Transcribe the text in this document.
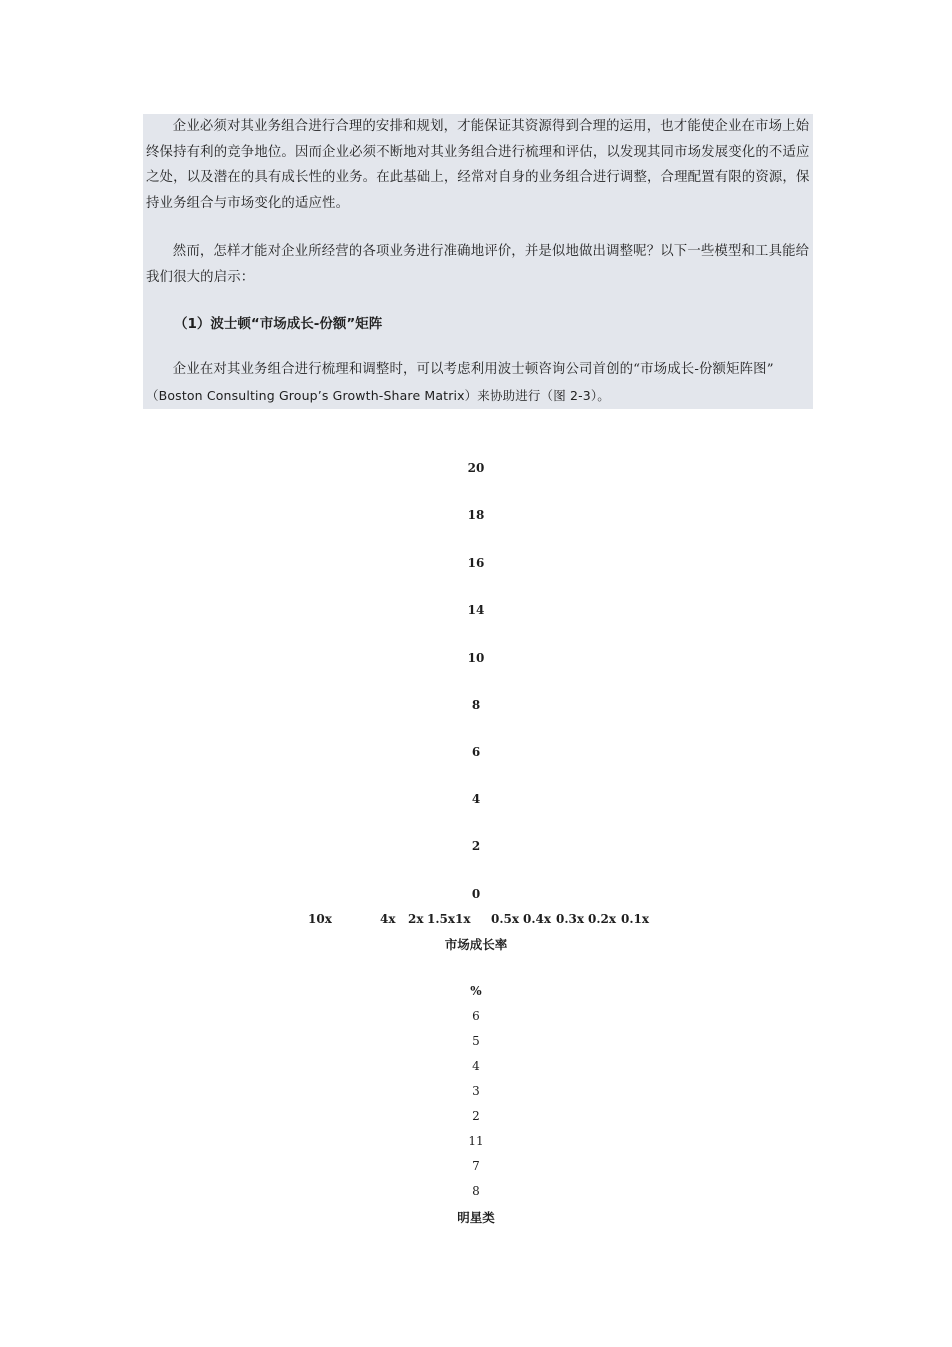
企业必须对其业务组合进行合理的安排和规划，才能保证其资源得到合理的运用，也才能使企业在市场上始终保持有利的竞争地位。因而企业必须不断地对其业务组合进行梳理和评估，以发现其同市场发展变化的不适应之处，以及潜在的具有成长性的业务。在此基础上，经常对自身的业务组合进行调整，合理配置有限的资源，保持业务组合与市场变化的适应性。

然而，怎样才能对企业所经营的各项业务进行准确地评价，并是似地做出调整呢？以下一些模型和工具能给我们很大的启示：

（1）波士顿“市场成长-份额”矩阵

企业在对其业务组合进行梳理和调整时，可以考虑利用波士顿咨询公司首创的“市场成长-份额矩阵图”
（Boston Consulting Group’s Growth-Share Matrix）来协助进行（图 2-3）。

20
18
16
14
10
8
6
4
2
0
10x	4x 2x 1.5x 1x 0.5x 0.4x 0.3x 0.2x 0.1x
市场成长率
%
6
5
4
3
2
11
7
8
明星类
